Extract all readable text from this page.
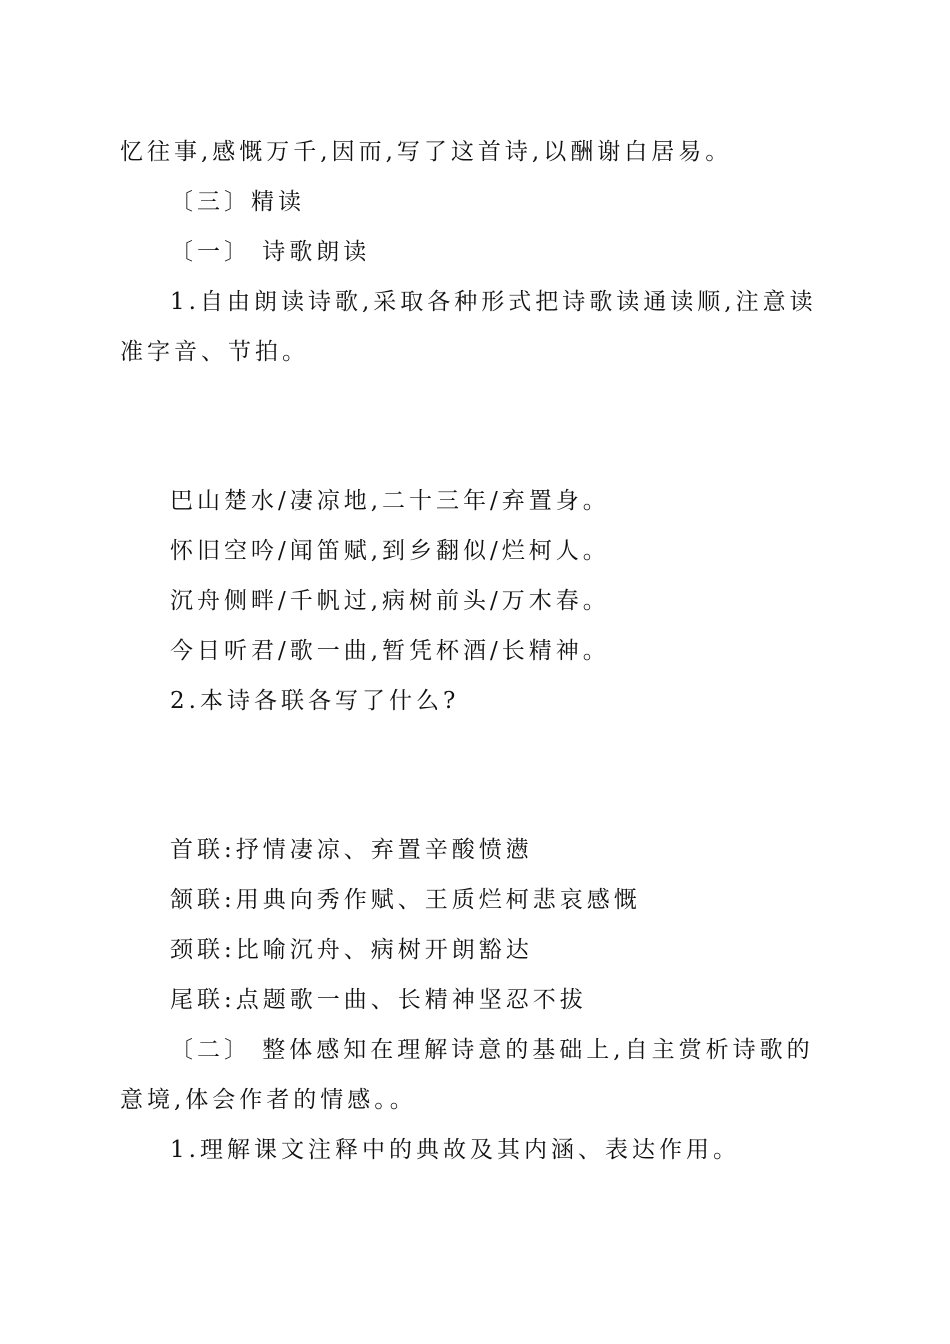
忆往事,感慨万千,因而,写了这首诗,以酬谢白居易。
〔三〕精读
〔一〕 诗歌朗读
1.自由朗读诗歌,采取各种形式把诗歌读通读顺,注意读准字音、节拍。
巴山楚水/凄凉地,二十三年/弃置身。
怀旧空吟/闻笛赋,到乡翻似/烂柯人。
沉舟侧畔/千帆过,病树前头/万木春。
今日听君/歌一曲,暂凭杯酒/长精神。
2.本诗各联各写了什么?
首联:抒情凄凉、弃置辛酸愤懑
颔联:用典向秀作赋、王质烂柯悲哀感慨
颈联:比喻沉舟、病树开朗豁达
尾联:点题歌一曲、长精神坚忍不拔
〔二〕 整体感知在理解诗意的基础上,自主赏析诗歌的意境,体会作者的情感。。
1.理解课文注释中的典故及其内涵、表达作用。
